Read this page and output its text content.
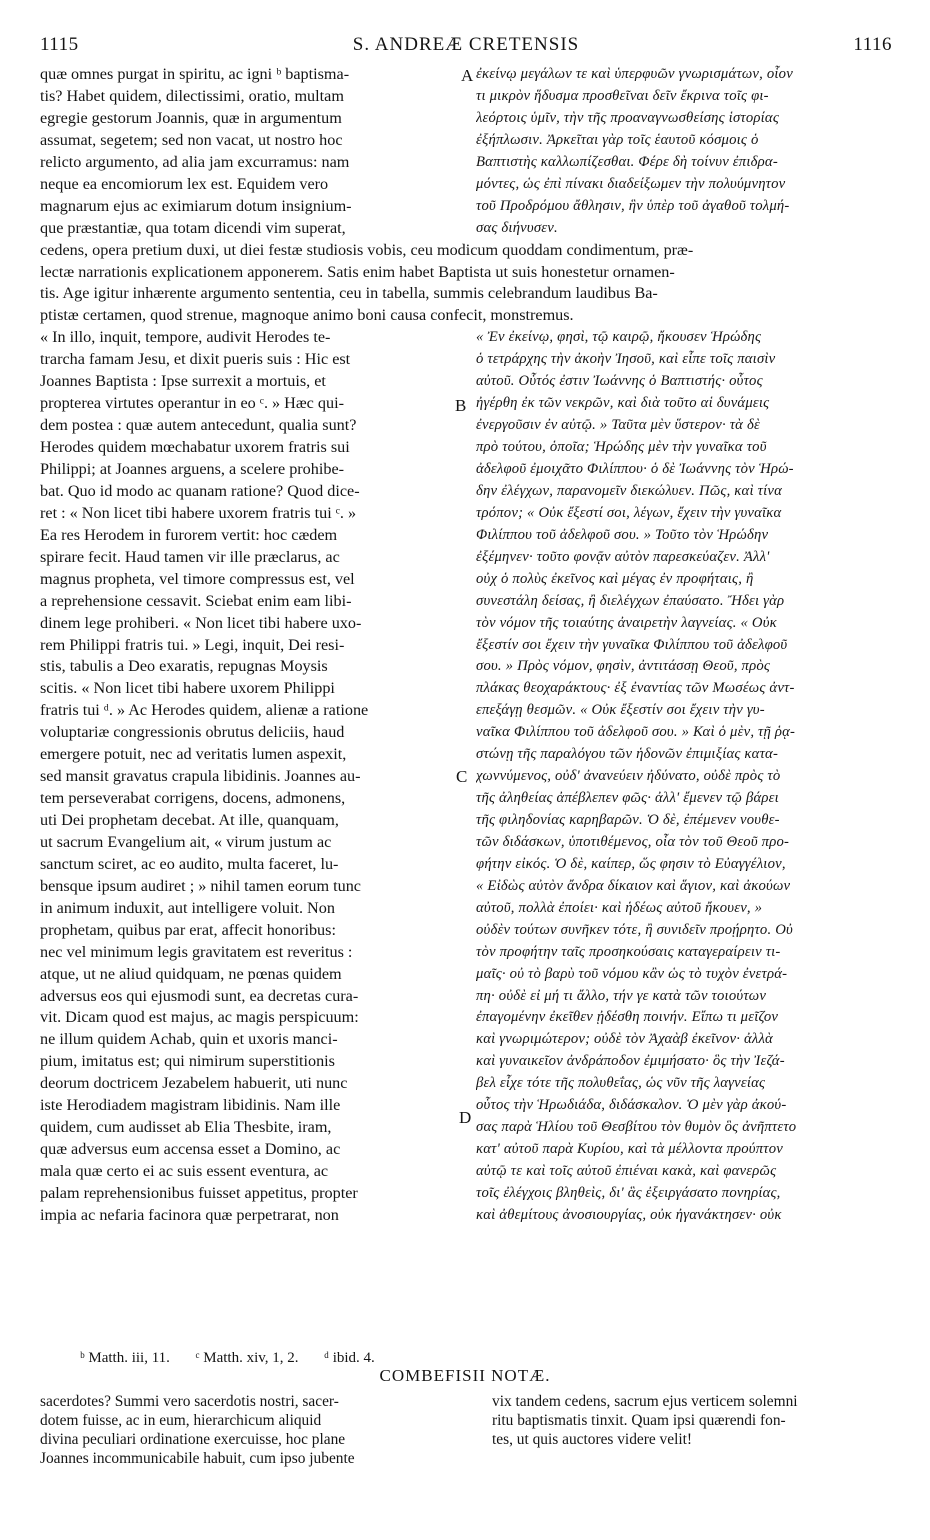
1115	S. ANDREÆ CRETENSIS	1116
quæ omnes purgat in spiritu, ac igni ᵇ baptisma-
tis? Habet quidem, dilectissimi, oratio, multam
egregie gestorum Joannis, quæ in argumentum
assumat, segetem; sed non vacat, ut nostro hoc
relicto argumento, ad alia jam excurramus: nam
neque ea encomiorum lex est. Equidem vero
magnarum ejus ac eximiarum dotum insignium-
que præstantiæ, qua totam dicendi vim superat,
ἐκείνῳ μεγάλων τε καὶ ὑπερφυῶν γνωρισμάτων, οἷον
τι μικρὸν ἥδυσμα προσθεῖναι δεῖν ἔκρινα τοῖς φι-
λεόρτοις ὑμῖν, τὴν τῆς προαναγνωσθείσης ἱστορίας
ἐξήπλωσιν. Ἀρκεῖται γὰρ τοῖς ἑαυτοῦ κόσμοις ὁ
Βαπτιστὴς καλλωπίζεσθαι. Φέρε δὴ τοίνυν ἐπιδρα-
μόντες, ὡς ἐπὶ πίνακι διαδείξωμεν τὴν πολυύμνητον
τοῦ Προδρόμου ἄθλησιν, ἣν ὑπὲρ τοῦ ἀγαθοῦ τολμή-
σας διήνυσεν.
cedens, opera pretium duxi, ut diei festæ studiosis vobis, ceu modicum quoddam condimentum, præ-
lectæ narrationis explicationem apponerem. Satis enim habet Baptista ut suis honestetur ornamen-
tis. Age igitur inhærente argumento sententia, ceu in tabella, summis celebrandum laudibus Ba-
ptistæ certamen, quod strenue, magnoque animo boni causa confecit, monstremus.
« In illo, inquit, tempore, audivit Herodes te-
trarcha famam Jesu, et dixit pueris suis : Hic est
Joannes Baptista : Ipse surrexit a mortuis, et
propterea virtutes operantur in eo ᶜ. » Hæc qui-
dem postea : quæ autem antecedunt, qualia sunt?
Herodes quidem mœchabatur uxorem fratris sui
Philippi; at Joannes arguens, a scelere prohibe-
bat. Quo id modo ac quanam ratione? Quod dice-
ret : « Non licet tibi habere uxorem fratris tui ᶜ. »
Ea res Herodem in furorem vertit: hoc cædem
spirare fecit. Haud tamen vir ille præclarus, ac
magnus propheta, vel timore compressus est, vel
a reprehensione cessavit. Sciebat enim eam libi-
dinem lege prohiberi. « Non licet tibi habere uxo-
rem Philippi fratris tui. » Legi, inquit, Dei resi-
stis, tabulis a Deo exaratis, repugnas Moysis
scitis. « Non licet tibi habere uxorem Philippi
fratris tui ᵈ. » Ac Herodes quidem, alienæ a ratione
voluptariæ congressionis obrutus deliciis, haud
emergere potuit, nec ad veritatis lumen aspexit,
sed mansit gravatus crapula libidinis. Joannes au-
tem perseverabat corrigens, docens, admonens,
uti Dei prophetam decebat. At ille, quanquam,
ut sacrum Evangelium ait, « virum justum ac
sanctum sciret, ac eo audito, multa faceret, lu-
bensque ipsum audiret ; » nihil tamen eorum tunc
in animum induxit, aut intelligere voluit. Non
prophetam, quibus par erat, affecit honoribus:
nec vel minimum legis gravitatem est reveritus :
atque, ut ne aliud quidquam, ne pœnas quidem
adversus eos qui ejusmodi sunt, ea decretas cura-
vit. Dicam quod est majus, ac magis perspicuum:
ne illum quidem Achab, quin et uxoris manci-
pium, imitatus est; qui nimirum superstitionis
deorum doctricem Jezabelem habuerit, uti nunc
iste Herodiadem magistram libidinis. Nam ille
quidem, cum audisset ab Elia Thesbite, iram,
quæ adversus eum accensa esset a Domino, ac
mala quæ certo ei ac suis essent eventura, ac
palam reprehensionibus fuisset appetitus, propter
impia ac nefaria facinora quæ perpetrarat, non
« Ἐν ἐκείνῳ, φησὶ, τῷ καιρῷ, ἤκουσεν Ἡρώδης
ὁ τετράρχης τὴν ἀκοὴν Ἰησοῦ, καὶ εἶπε τοῖς παισὶν
αὐτοῦ. Οὗτός ἐστιν Ἰωάννης ὁ Βαπτιστής· οὗτος
ἠγέρθη ἐκ τῶν νεκρῶν, καὶ διὰ τοῦτο αἱ δυνάμεις
ἐνεργοῦσιν ἐν αὐτῷ. » Ταῦτα μὲν ὕστερον· τὰ δὲ
πρὸ τούτου, ὁποῖα; Ἡρώδης μὲν τὴν γυναῖκα τοῦ
ἀδελφοῦ ἐμοιχᾶτο Φιλίππου· ὁ δὲ Ἰωάννης τὸν Ἡρώ-
δην ἐλέγχων, παρανομεῖν διεκώλυεν. Πῶς, καὶ τίνα
τρόπον; « Οὐκ ἔξεστί σοι, λέγων, ἔχειν τὴν γυναῖκα
Φιλίππου τοῦ ἀδελφοῦ σου. » Τοῦτο τὸν Ἡρώδην
ἐξέμηνεν· τοῦτο φονᾷν αὐτὸν παρεσκεύαζεν. Ἀλλ'
οὐχ ὁ πολὺς ἐκεῖνος καὶ μέγας ἐν προφήταις, ἢ
συνεστάλη δείσας, ἢ διελέγχων ἐπαύσατο. Ἤδει γὰρ
τὸν νόμον τῆς τοιαύτης ἀναιρετὴν λαγνείας. « Οὐκ
ἔξεστίν σοι ἔχειν τὴν γυναῖκα Φιλίππου τοῦ ἀδελφοῦ
σου. » Πρὸς νόμον, φησὶν, ἀντιτάσσῃ Θεοῦ, πρὸς
πλάκας θεοχαράκτους· ἐξ ἐναντίας τῶν Μωσέως ἀντ-
επεξάγῃ θεσμῶν. « Οὐκ ἔξεστίν σοι ἔχειν τὴν γυ-
ναῖκα Φιλίππου τοῦ ἀδελφοῦ σου. » Καὶ ὁ μὲν, τῇ ῥᾳ-
στώνῃ τῆς παραλόγου τῶν ἡδονῶν ἐπιμιξίας κατα-
χωννύμενος, οὐδ' ἀνανεύειν ἠδύνατο, οὐδὲ πρὸς τὸ
τῆς ἀληθείας ἀπέβλεπεν φῶς· ἀλλ' ἔμενεν τῷ βάρει
τῆς φιληδονίας καρηβαρῶν. Ὁ δὲ, ἐπέμενεν νουθε-
τῶν διδάσκων, ὑποτιθέμενος, οἷα τὸν τοῦ Θεοῦ προ-
φήτην εἰκός. Ὁ δὲ, καίπερ, ὥς φησιν τὸ Εὐαγγέλιον,
« Εἰδὼς αὐτὸν ἄνδρα δίκαιον καὶ ἅγιον, καὶ ἀκούων
αὐτοῦ, πολλὰ ἐποίει· καὶ ἡδέως αὐτοῦ ἤκουεν, »
οὐδὲν τούτων συνῆκεν τότε, ἢ συνιδεῖν προῄρητο. Οὐ
τὸν προφήτην ταῖς προσηκούσαις καταγεραίρειν τι-
μαῖς· οὐ τὸ βαρὺ τοῦ νόμου κἂν ὡς τὸ τυχὸν ἐνετρά-
πη· οὐδὲ εἰ μή τι ἄλλο, τήν γε κατὰ τῶν τοιούτων
ἐπαγομένην ἐκεῖθεν ᾐδέσθη ποινήν. Εἴπω τι μεῖζον
καὶ γνωριμώτερον; οὐδὲ τὸν Ἀχαὰβ ἐκεῖνον· ἀλλὰ
καὶ γυναικεῖον ἀνδράποδον ἐμιμήσατο· ὃς τὴν Ἰεζά-
βελ εἶχε τότε τῆς πολυθεΐας, ὡς νῦν τῆς λαγνείας
οὗτος τὴν Ἡρωδιάδα, διδάσκαλον. Ὁ μὲν γὰρ ἀκού-
σας παρὰ Ἡλίου τοῦ Θεσβίτου τὸν θυμὸν ὃς ἀνῆπτετο
κατ' αὐτοῦ παρὰ Κυρίου, καὶ τὰ μέλλοντα προύπτον
αὐτῷ τε καὶ τοῖς αὐτοῦ ἐπιέναι κακὰ, καὶ φανερῶς
τοῖς ἐλέγχοις βληθεὶς, δι' ἃς ἐξειργάσατο πονηρίας,
καὶ ἀθεμίτους ἀνοσιουργίας, οὐκ ἠγανάκτησεν· οὐκ
A
B
C
D
ᵇ Matth. iii, 11. ᶜ Matth. xiv, 1, 2. ᵈ ibid. 4.
COMBEFISII NOTÆ.
sacerdotes? Summi vero sacerdotis nostri, sacer-
dotem fuisse, ac in eum, hierarchicum aliquid
divina peculiari ordinatione exercuisse, hoc plane
Joannes incommunicabile habuit, cum ipso jubente
vix tandem cedens, sacrum ejus verticem solemni
ritu baptismatis tinxit. Quam ipsi quærendi fon-
tes, ut quis auctores videre velit!
